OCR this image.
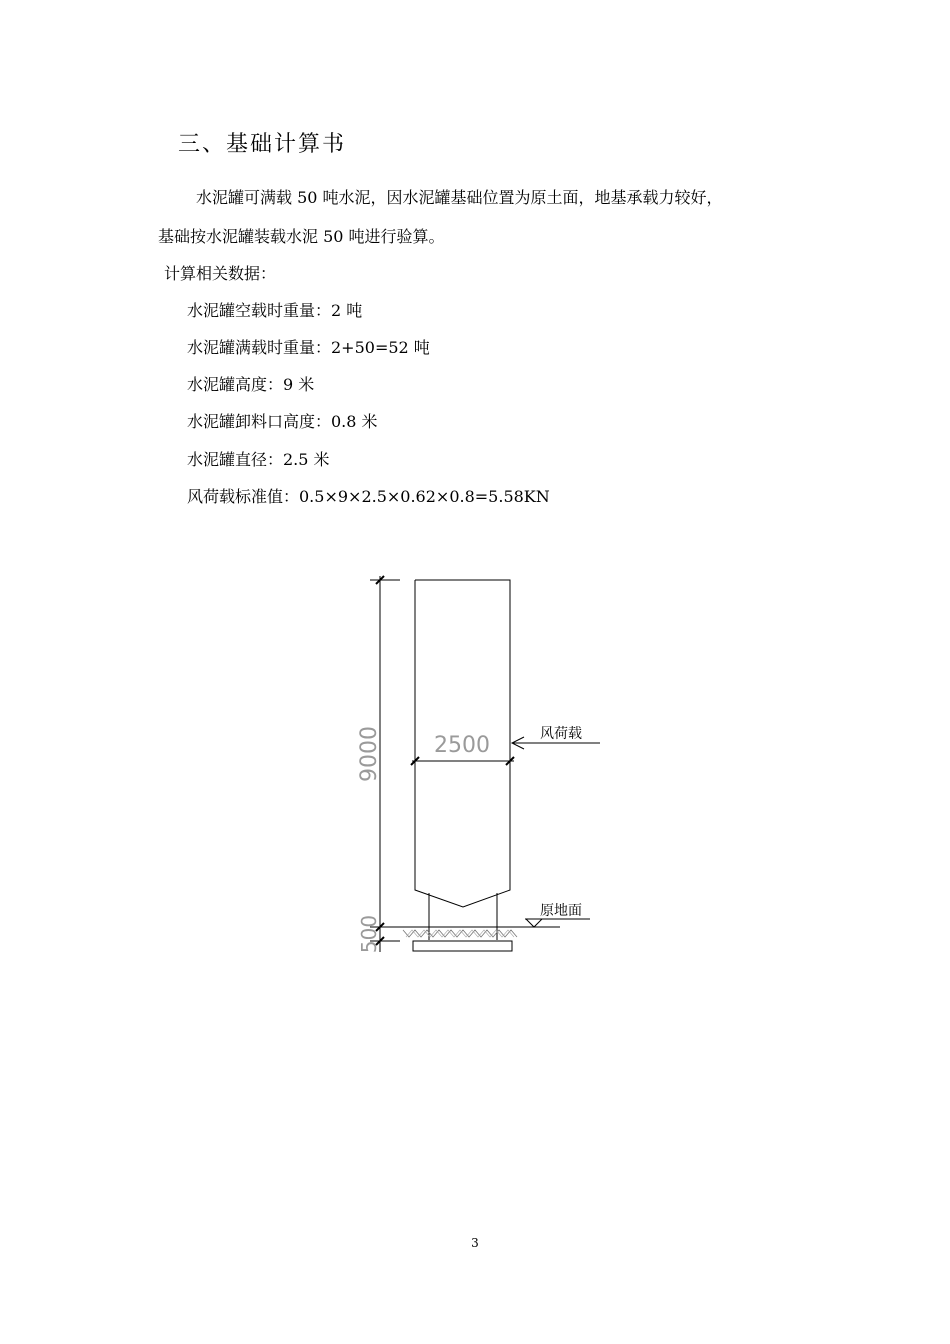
三、基础计算书
水泥罐可满载 50 吨水泥，因水泥罐基础位置为原土面，地基承载力较好，
基础按水泥罐装载水泥 50 吨进行验算。
计算相关数据：
水泥罐空载时重量：2 吨
水泥罐满载时重量：2+50=52 吨
水泥罐高度：9 米
水泥罐卸料口高度：0.8 米
水泥罐直径：2.5 米
风荷载标准值：0.5×9×2.5×0.62×0.8=5.58KN
9000
500
2500	风荷载
原地面
3
